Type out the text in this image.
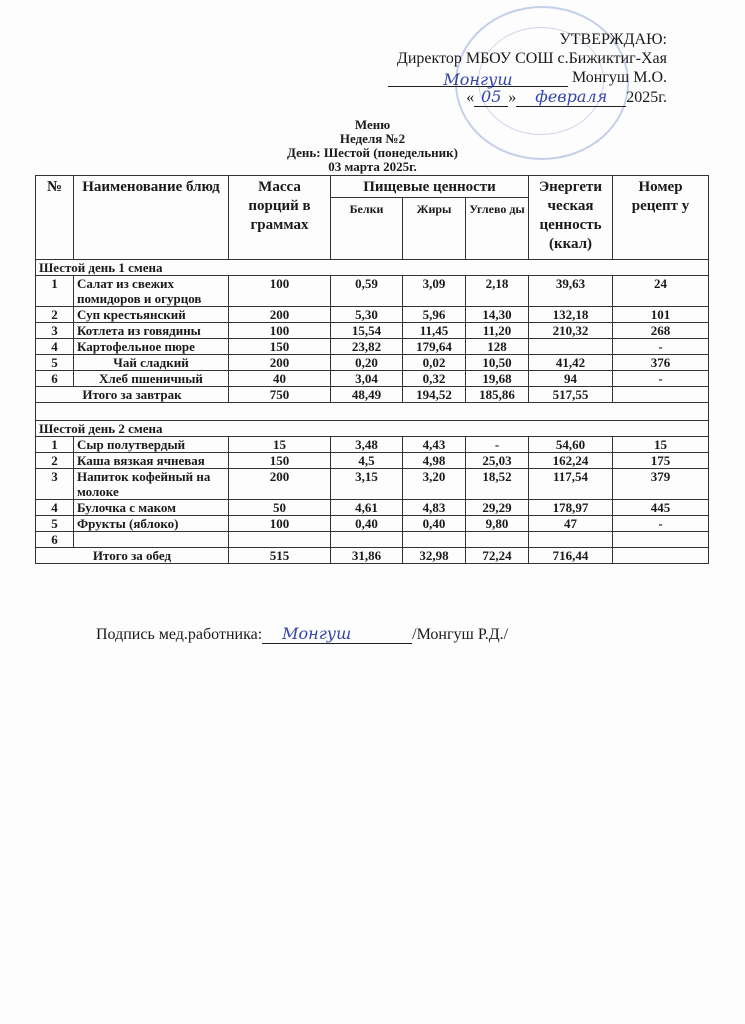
УТВЕРЖДАЮ:
Директор МБОУ СОШ с.Бижиктиг-Хая
Монгуш	Монгуш М.О.
« 05 » февраля 2025г.
Меню
Неделя №2
День: Шестой (понедельник)
03 марта 2025г.
№	Наименование блюд	Масса порций в граммах	Пищевые ценности			Энергети ческая ценность (ккал)	Номер рецепт у
			Белки	Жиры	Углево ды		
Шестой день 1 смена							
1	Салат из свежих помидоров и огурцов	100	0,59	3,09	2,18	39,63	24
2	Суп крестьянский	200	5,30	5,96	14,30	132,18	101
3	Котлета из говядины	100	15,54	11,45	11,20	210,32	268
4	Картофельное пюре	150	23,82	179,64	128		-
5	Чай сладкий	200	0,20	0,02	10,50	41,42	376
6	Хлеб пшеничный	40	3,04	0,32	19,68	94	-
Итого за завтрак		750	48,49	194,52	185,86	517,55	

Шестой день 2 смена							
1	Сыр полутвердый	15	3,48	4,43	-	54,60	15
2	Каша вязкая ячневая	150	4,5	4,98	25,03	162,24	175
3	Напиток кофейный на молоке	200	3,15	3,20	18,52	117,54	379
4	Булочка с маком	50	4,61	4,83	29,29	178,97	445
5	Фрукты (яблоко)	100	0,40	0,40	9,80	47	-
6							
Итого за обед		515	31,86	32,98	72,24	716,44	
Подпись мед.работника: Монгуш	/Монгуш Р.Д./
